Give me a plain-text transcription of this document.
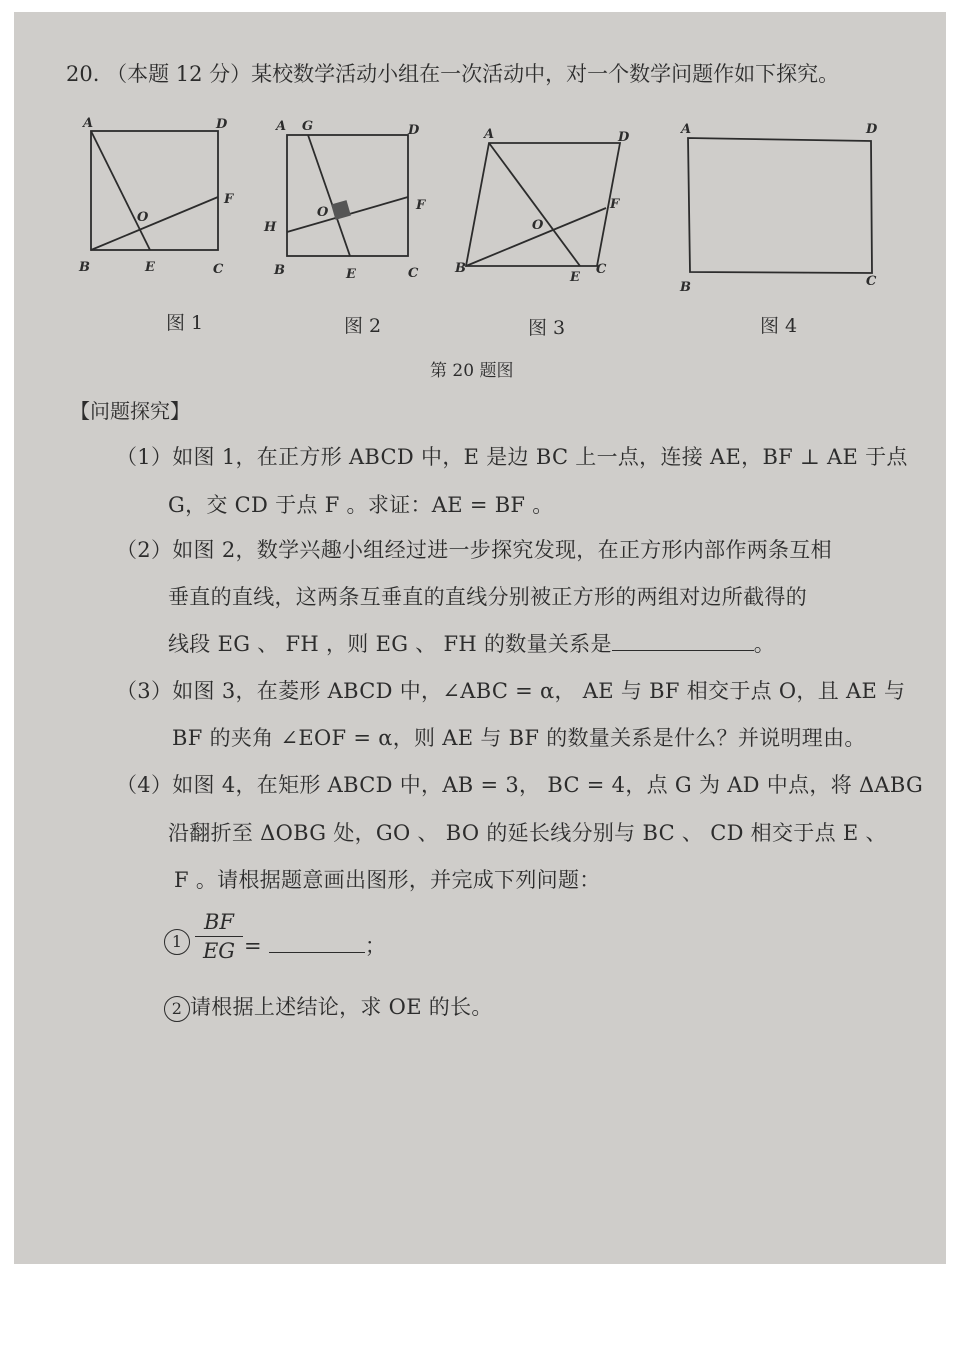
20. （本题 12 分）某校数学活动小组在一次活动中，对一个数学问题作如下探究。
A	D
B	E	C
F
O
A G	D
H
F
O
B	E	C
A	D
F
O
B
E
C
A	D
B	C
图 1	图 2	图 3	图 4
第 20 题图
【问题探究】
（1）如图 1，在正方形 ABCD 中，E 是边 BC 上一点，连接 AE，BF ⊥ AE 于点
G，交 CD 于点 F 。求证：AE = BF 。
（2）如图 2，数学兴趣小组经过进一步探究发现，在正方形内部作两条互相
垂直的直线，这两条互垂直的直线分别被正方形的两组对边所截得的
线段 EG 、 FH ，则 EG 、 FH 的数量关系是	。
（3）如图 3，在菱形 ABCD 中，∠ABC = α， AE 与 BF 相交于点 O，且 AE 与
BF 的夹角 ∠EOF = α，则 AE 与 BF 的数量关系是什么？并说明理由。
（4）如图 4，在矩形 ABCD 中，AB = 3， BC = 4，点 G 为 AD 中点，将 ΔABG
沿翻折至 ΔOBG 处，GO 、 BO 的延长线分别与 BC 、 CD 相交于点 E 、
F 。请根据题意画出图形，并完成下列问题：
$1 \frac{BF}{EG}$ =	；
2 请根据上述结论，求 OE 的长。
